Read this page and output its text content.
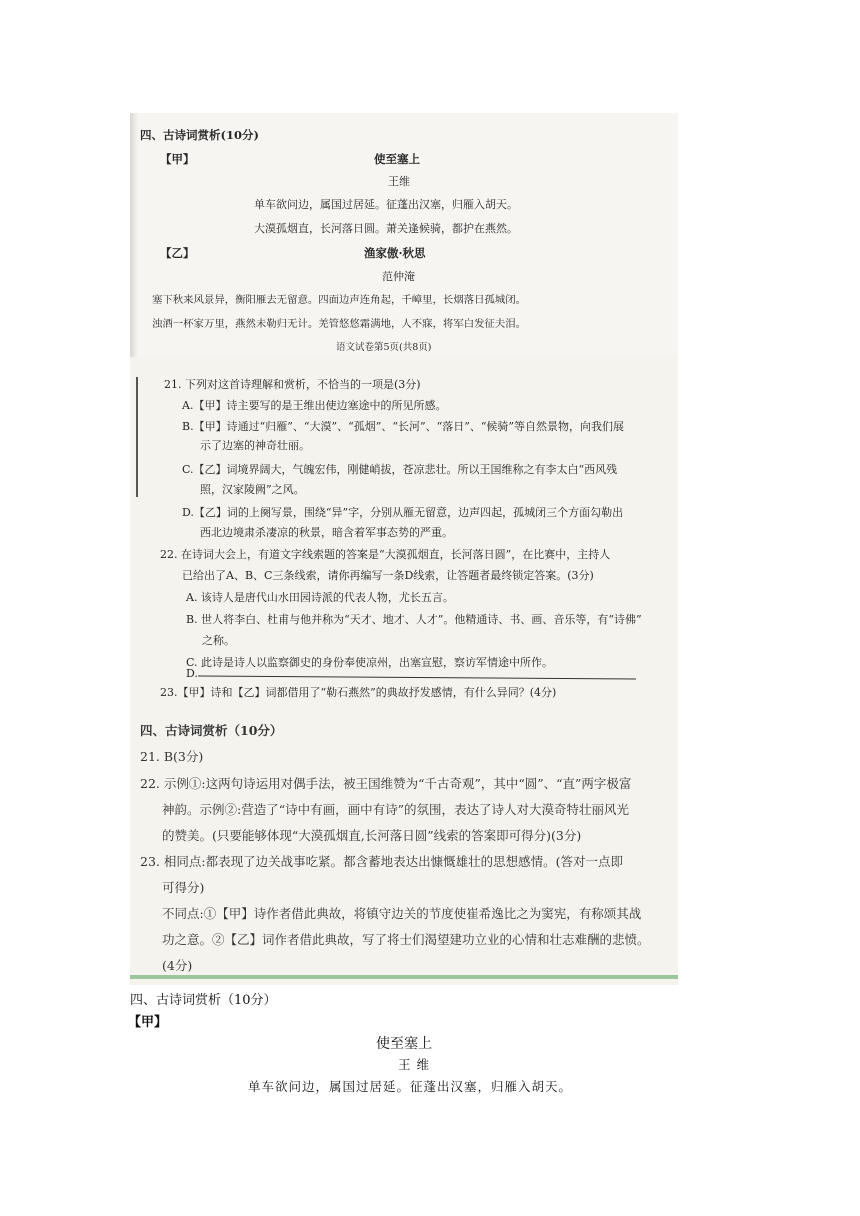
四、古诗词赏析(10分)
【甲】	使至塞上
王维
单车欲问边，属国过居延。征蓬出汉塞，归雁入胡天。
大漠孤烟直，长河落日圆。萧关逢候骑，都护在燕然。
【乙】	渔家傲·秋思
范仲淹
塞下秋来风景异，衡阳雁去无留意。四面边声连角起，千嶂里，长烟落日孤城闭。
浊酒一杯家万里，燕然未勒归无计。羌管悠悠霜满地，人不寐，将军白发征夫泪。
语文试卷第5页(共8页)
21. 下列对这首诗理解和赏析，不恰当的一项是(3分)
A.【甲】诗主要写的是王维出使边塞途中的所见所感。
B.【甲】诗通过“归雁”、“大漠”、“孤烟”、“长河”、“落日”、“候骑”等自然景物，向我们展
示了边塞的神奇壮丽。
C.【乙】词境界阔大，气魄宏伟，刚健峭拔，苍凉悲壮。所以王国维称之有李太白“西风残
照，汉家陵阙”之风。
D.【乙】词的上阕写景，围绕“异”字，分别从雁无留意，边声四起，孤城闭三个方面勾勒出
西北边境肃杀凄凉的秋景，暗含着军事态势的严重。
22. 在诗词大会上，有道文字线索题的答案是“大漠孤烟直，长河落日圆”，在比赛中，主持人
已给出了A、B、C三条线索，请你再编写一条D线索，让答题者最终锁定答案。(3分)
A. 该诗人是唐代山水田园诗派的代表人物，尤长五言。
B. 世人将李白、杜甫与他并称为“天才、地才、人才”。他精通诗、书、画、音乐等，有“诗佛”
之称。
C. 此诗是诗人以监察御史的身份奉使凉州，出塞宣慰，察访军情途中所作。
D.
23.【甲】诗和【乙】词都借用了“勒石燕然”的典故抒发感情，有什么异同？(4分)
四、古诗词赏析（10分）
21. B(3分)
22. 示例①:这两句诗运用对偶手法，被王国维赞为“千古奇观”，其中“圆”、“直”两字极富
神韵。示例②:营造了“诗中有画，画中有诗”的氛围，表达了诗人对大漠奇特壮丽风光
的赞美。(只要能够体现“大漠孤烟直,长河落日圆”线索的答案即可得分)(3分)
23. 相同点:都表现了边关战事吃紧。都含蓄地表达出慷慨雄壮的思想感情。(答对一点即
可得分)
不同点:①【甲】诗作者借此典故，将镇守边关的节度使崔希逸比之为窦宪，有称颂其战
功之意。②【乙】词作者借此典故，写了将士们渴望建功立业的心情和壮志难酬的悲愤。
(4分)
四、古诗词赏析（10分）
【甲】
使至塞上
王维
单车欲问边，属国过居延。征蓬出汉塞，归雁入胡天。
